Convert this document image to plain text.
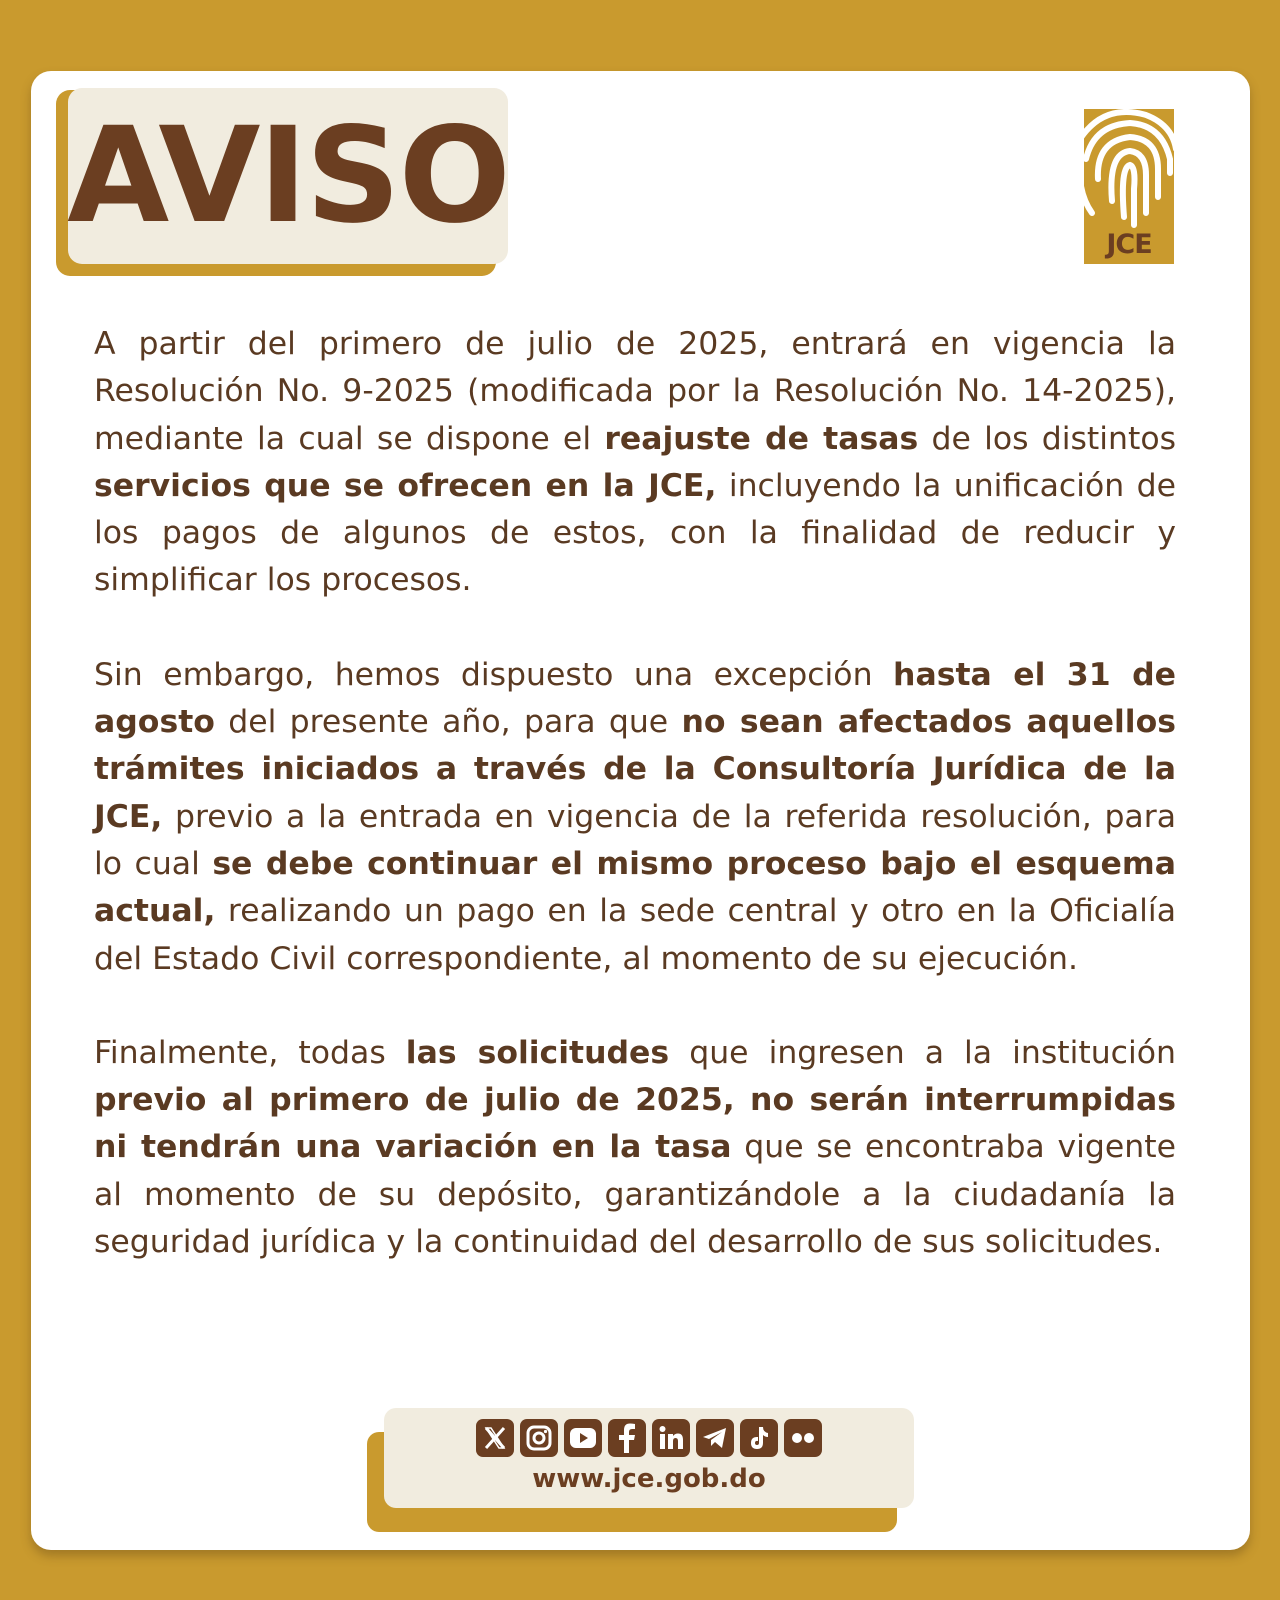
AVISO	JCE

A partir del primero de julio de 2025, entrará en vigencia la Resolución No. 9-2025 (modificada por la Resolución No. 14-2025), mediante la cual se dispone el reajuste de tasas de los distintos servicios que se ofrecen en la JCE, incluyendo la unificación de los pagos de algunos de estos, con la finalidad de reducir y simplificar los procesos.

Sin embargo, hemos dispuesto una excepción hasta el 31 de agosto del presente año, para que no sean afectados aquellos trámites iniciados a través de la Consultoría Jurídica de la JCE, previo a la entrada en vigencia de la referida resolución, para lo cual se debe continuar el mismo proceso bajo el esquema actual, realizando un pago en la sede central y otro en la Oficialía del Estado Civil correspondiente, al momento de su ejecución.

Finalmente, todas las solicitudes que ingresen a la institución previo al primero de julio de 2025, no serán interrumpidas ni tendrán una variación en la tasa que se encontraba vigente al momento de su depósito, garantizándole a la ciudadanía la seguridad jurídica y la continuidad del desarrollo de sus solicitudes.

www.jce.gob.do
